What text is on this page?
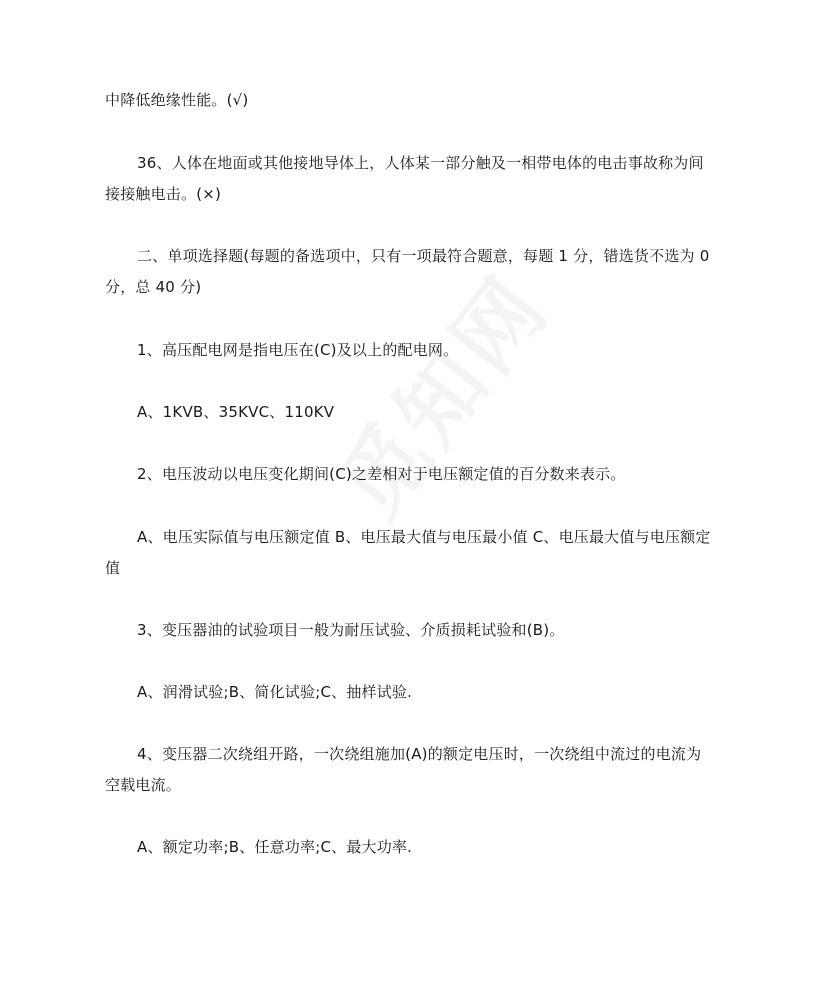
中降低绝缘性能。(√)
36、人体在地面或其他接地导体上，人体某一部分触及一相带电体的电击事故称为间
接接触电击。(×)
二、单项选择题(每题的备选项中，只有一项最符合题意，每题 1 分，错选货不选为 0
分，总 40 分)
1、高压配电网是指电压在(C)及以上的配电网。
A、1KVB、35KVC、110KV
2、电压波动以电压变化期间(C)之差相对于电压额定值的百分数来表示。
A、电压实际值与电压额定值 B、电压最大值与电压最小值 C、电压最大值与电压额定
值
3、变压器油的试验项目一般为耐压试验、介质损耗试验和(B)。
A、润滑试验;B、简化试验;C、抽样试验.
4、变压器二次绕组开路，一次绕组施加(A)的额定电压时，一次绕组中流过的电流为
空载电流。
A、额定功率;B、任意功率;C、最大功率.
